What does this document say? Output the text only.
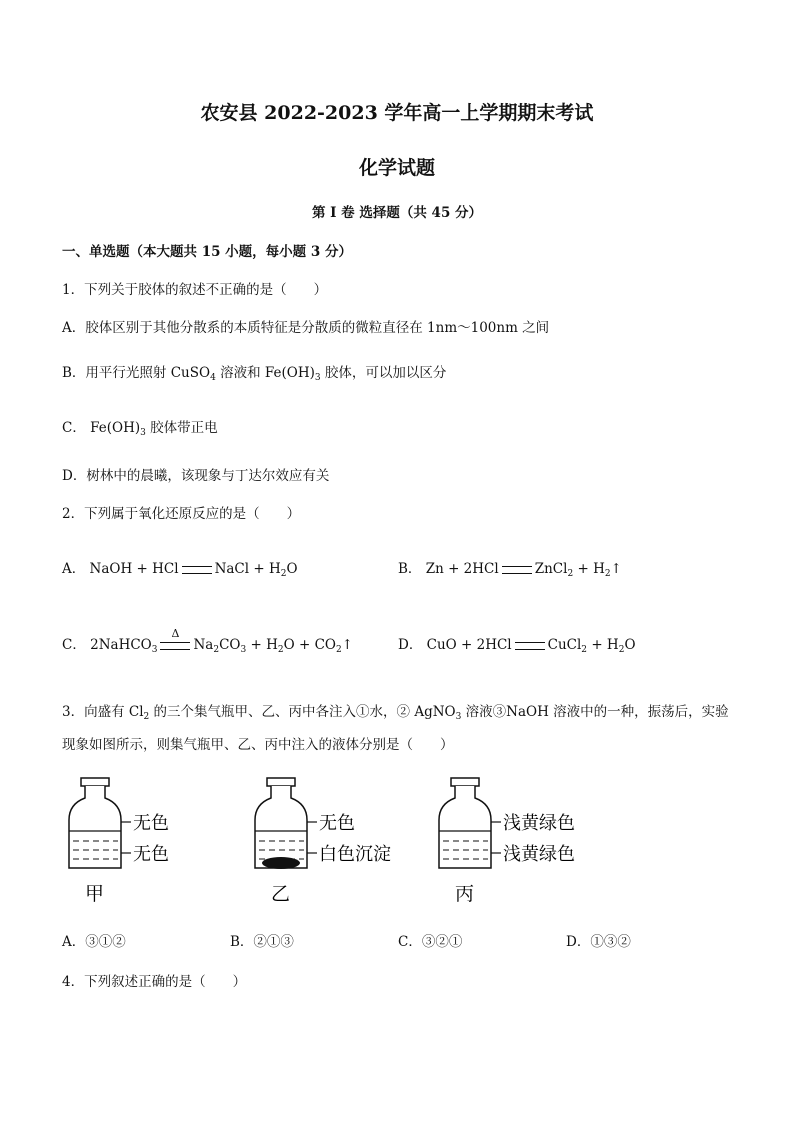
农安县 2022-2023 学年高一上学期期末考试
化学试题
第 I 卷 选择题（共 45 分）
一、单选题（本大题共 15 小题，每小题 3 分）
1．下列关于胶体的叙述不正确的是（　　）
A．胶体区别于其他分散系的本质特征是分散质的微粒直径在 1nm～100nm 之间
B．用平行光照射 CuSO$_4$ 溶液和 $Fe(OH)_3$ 胶体，可以加以区分
C． $Fe(OH)_3$ 胶体带正电
D．树林中的晨曦，该现象与丁达尔效应有关
2．下列属于氧化还原反应的是（　　）
A． NaOH + HCl	NaCl + $H_2O$	B． Zn + 2HCl	ZnCl$_2$ + $H_2↑$
C． 2NaHCO$_3$
Δ
$Na_2CO_3 + H_2O$ + $CO_2↑$	D． CuO + 2HCl	CuCl$_2$ + $H_2O$
3．向盛有 $Cl_2$ 的三个集气瓶甲、乙、丙中各注入①水，② AgNO$_3$ 溶液③NaOH 溶液中的一种，振荡后，实验
现象如图所示，则集气瓶甲、乙、丙中注入的液体分别是（　　）
无色
无色
甲
无色
白色沉淀
乙
浅黄绿色
浅黄绿色
丙
A．③①②	B．②①③	C．③②①	D．①③②
4．下列叙述正确的是（　　）
